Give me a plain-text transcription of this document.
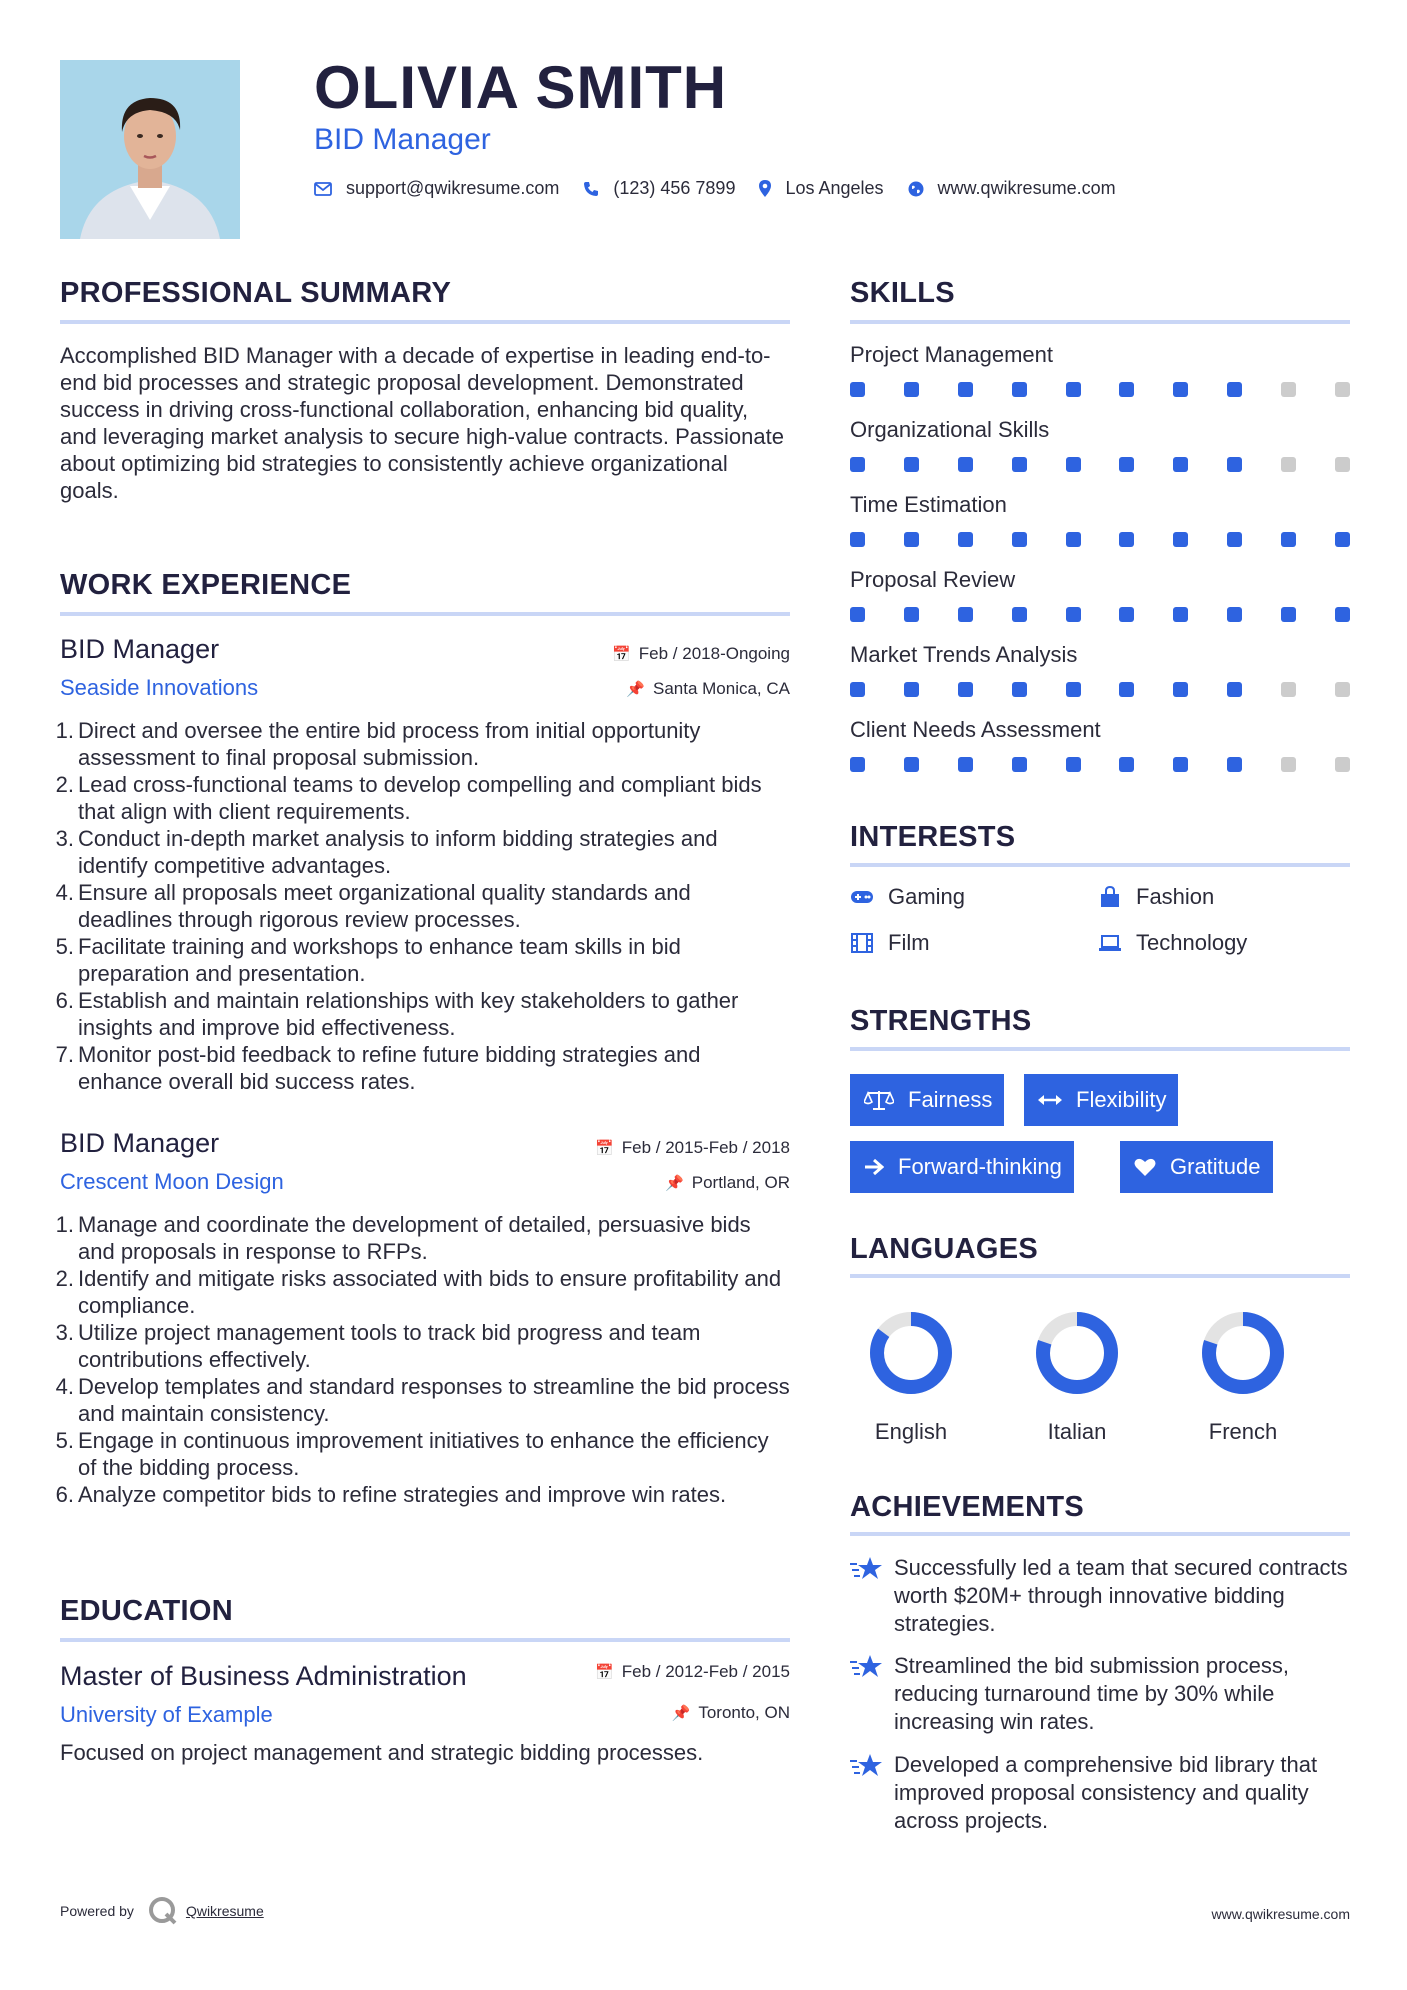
OLIVIA SMITH
BID Manager
support@qwikresume.com	(123) 456 7899	Los Angeles	www.qwikresume.com
PROFESSIONAL SUMMARY
Accomplished BID Manager with a decade of expertise in leading end-to-end bid processes and strategic proposal development. Demonstrated success in driving cross-functional collaboration, enhancing bid quality, and leveraging market analysis to secure high-value contracts. Passionate about optimizing bid strategies to consistently achieve organizational goals.
WORK EXPERIENCE
BID Manager
Seaside Innovations
📅 Feb / 2018-Ongoing
📌 Santa Monica, CA
Direct and oversee the entire bid process from initial opportunity assessment to final proposal submission.
Lead cross-functional teams to develop compelling and compliant bids that align with client requirements.
Conduct in-depth market analysis to inform bidding strategies and identify competitive advantages.
Ensure all proposals meet organizational quality standards and deadlines through rigorous review processes.
Facilitate training and workshops to enhance team skills in bid preparation and presentation.
Establish and maintain relationships with key stakeholders to gather insights and improve bid effectiveness.
Monitor post-bid feedback to refine future bidding strategies and enhance overall bid success rates.
BID Manager
Crescent Moon Design
📅 Feb / 2015-Feb / 2018
📌 Portland, OR
Manage and coordinate the development of detailed, persuasive bids and proposals in response to RFPs.
Identify and mitigate risks associated with bids to ensure profitability and compliance.
Utilize project management tools to track bid progress and team contributions effectively.
Develop templates and standard responses to streamline the bid process and maintain consistency.
Engage in continuous improvement initiatives to enhance the efficiency of the bidding process.
Analyze competitor bids to refine strategies and improve win rates.
EDUCATION
Master of Business Administration
University of Example
📅 Feb / 2012-Feb / 2015
📌 Toronto, ON
Focused on project management and strategic bidding processes.
SKILLS
Project Management
Organizational Skills
Time Estimation
Proposal Review
Market Trends Analysis
Client Needs Assessment
INTERESTS
Gaming	Fashion
Film	Technology
STRENGTHS
Fairness	Flexibility
Forward-thinking	Gratitude
LANGUAGES
English	Italian	French
ACHIEVEMENTS
Successfully led a team that secured contracts worth $20M+ through innovative bidding strategies.
Streamlined the bid submission process, reducing turnaround time by 30% while increasing win rates.
Developed a comprehensive bid library that improved proposal consistency and quality across projects.
Powered by	Qwikresume	www.qwikresume.com
